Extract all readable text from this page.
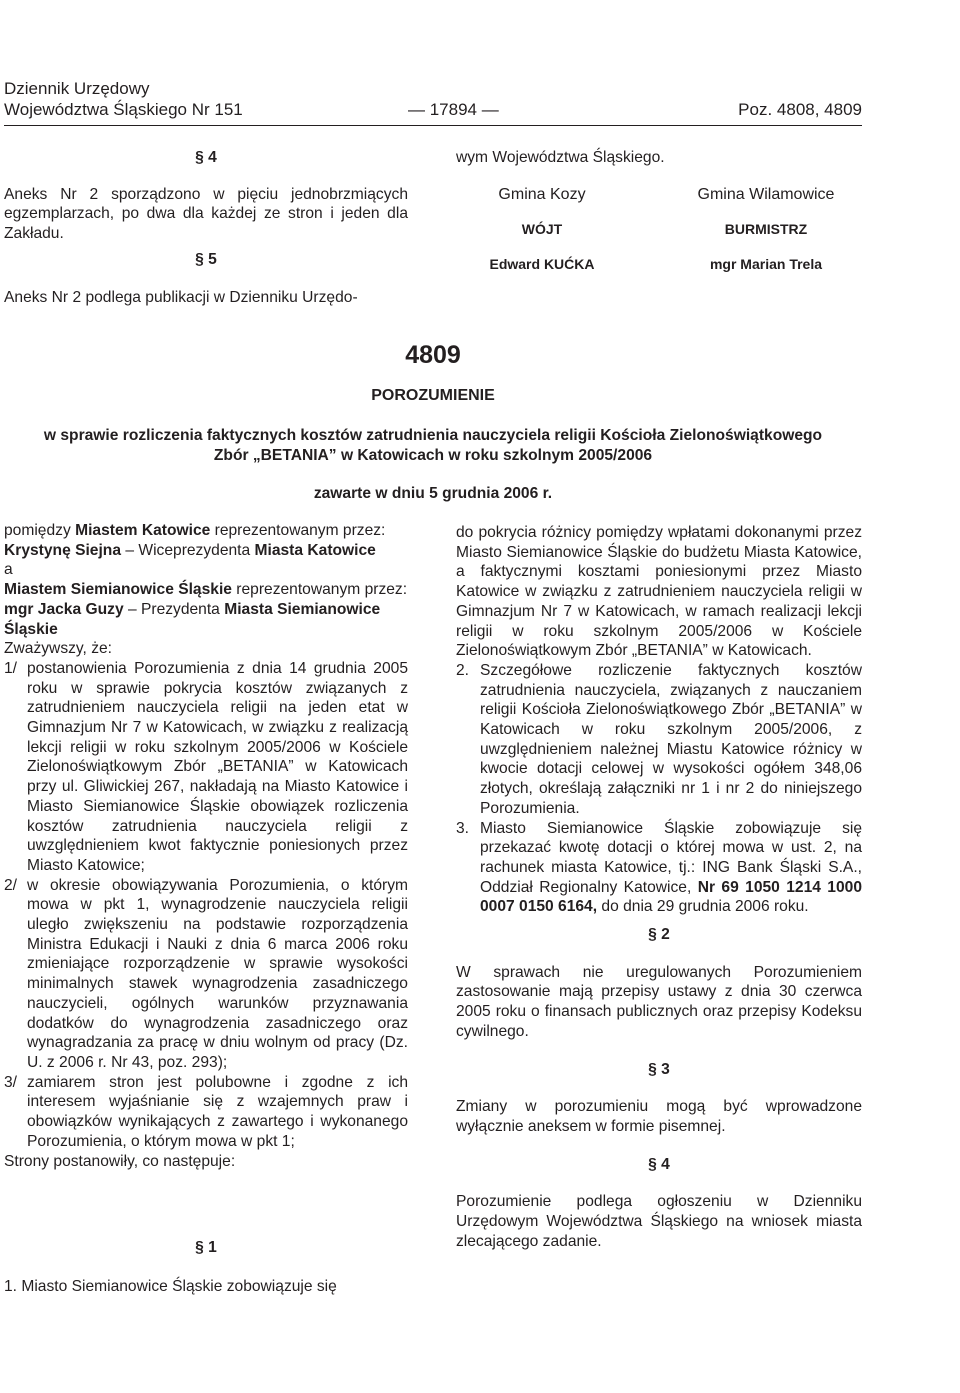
Dziennik Urzędowy
Województwa Śląskiego Nr 151	— 17894 —	Poz. 4808, 4809

§ 4

Aneks Nr 2 sporządzono w pięciu jednobrzmiących egzemplarzach, po dwa dla każdej ze stron i jeden dla Zakładu.

§ 5

Aneks Nr 2 podlega publikacji w Dzienniku Urzędo-

wym Województwa Śląskiego.

Gmina Kozy
WÓJT
Edward KUĆKA
Gmina Wilamowice
BURMISTRZ
mgr Marian Trela
4809
POROZUMIENIE
w sprawie rozliczenia faktycznych kosztów zatrudnienia nauczyciela religii Kościoła Zielonoświątkowego
Zbór „BETANIA” w Katowicach w roku szkolnym 2005/2006
zawarte w dniu 5 grudnia 2006 r.

pomiędzy Miastem Katowice reprezentowanym przez:

Krystynę Siejna – Wiceprezydenta Miasta Katowice

a

Miastem Siemianowice Śląskie reprezentowanym przez:

mgr Jacka Guzy – Prezydenta Miasta Siemianowice Śląskie

Zważywszy, że:

1/ postanowienia Porozumienia z dnia 14 grudnia 2005 roku w sprawie pokrycia kosztów związanych z zatrudnieniem nauczyciela religii na jeden etat w Gimnazjum Nr 7 w Katowicach, w związku z realizacją lekcji religii w roku szkolnym 2005/2006 w Kościele Zielonoświątkowym Zbór „BETANIA” w Katowicach przy ul. Gliwickiej 267, nakładają na Miasto Katowice i Miasto Siemianowice Śląskie obowiązek rozliczenia kosztów zatrudnienia nauczyciela religii z uwzględnieniem kwot faktycznie poniesionych przez Miasto Katowice;
2/ w okresie obowiązywania Porozumienia, o którym mowa w pkt 1, wynagrodzenie nauczyciela religii uległo zwiększeniu na podstawie rozporządzenia Ministra Edukacji i Nauki z dnia 6 marca 2006 roku zmieniające rozporządzenie w sprawie wysokości minimalnych stawek wynagrodzenia zasadniczego nauczycieli, ogólnych warunków przyznawania dodatków do wynagrodzenia zasadniczego oraz wynagradzania za pracę w dniu wolnym od pracy (Dz. U. z 2006 r. Nr 43, poz. 293);
3/ zamiarem stron jest polubowne i zgodne z ich interesem wyjaśnianie się z wzajemnych praw i obowiązków wynikających z zawartego i wykonanego Porozumienia, o którym mowa w pkt 1;

Strony postanowiły, co następuje:

§ 1
1. Miasto Siemianowice Śląskie zobowiązuje się

do pokrycia różnicy pomiędzy wpłatami dokonanymi przez Miasto Siemianowice Śląskie do budżetu Miasta Katowice, a faktycznymi kosztami poniesionymi przez Miasto Katowice w związku z zatrudnieniem nauczyciela religii w Gimnazjum Nr 7 w Katowicach, w ramach realizacji lekcji religii w roku szkolnym 2005/2006 w Kościele Zielonoświątkowym Zbór „BETANIA” w Katowicach.

2. Szczegółowe rozliczenie faktycznych kosztów zatrudnienia nauczyciela, związanych z nauczaniem religii Kościoła Zielonoświątkowego Zbór „BETANIA” w Katowicach w roku szkolnym 2005/2006, z uwzględnieniem należnej Miastu Katowice różnicy w kwocie dotacji celowej w wysokości ogółem 348,06 złotych, określają załączniki nr 1 i nr 2 do niniejszego Porozumienia.
3. Miasto Siemianowice Śląskie zobowiązuje się przekazać kwotę dotacji o której mowa w ust. 2, na rachunek miasta Katowice, tj.: ING Bank Śląski S.A., Oddział Regionalny Katowice, Nr 69 1050 1214 1000 0007 0150 6164, do dnia 29 grudnia 2006 roku.

§ 2

W sprawach nie uregulowanych Porozumieniem zastosowanie mają przepisy ustawy z dnia 30 czerwca 2005 roku o finansach publicznych oraz przepisy Kodeksu cywilnego.

§ 3

Zmiany w porozumieniu mogą być wprowadzone wyłącznie aneksem w formie pisemnej.

§ 4

Porozumienie podlega ogłoszeniu w Dzienniku Urzędowym Województwa Śląskiego na wniosek miasta zlecającego zadanie.
